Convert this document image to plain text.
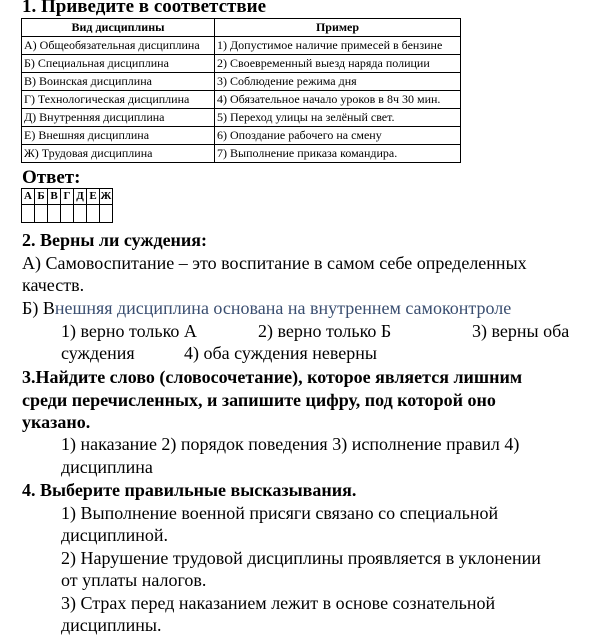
1. Приведите в соответствие
Вид дисциплины	Пример
А) Общеобязательная дисциплина	1) Допустимое наличие примесей в бензине
Б) Специальная дисциплина	2) Своевременный выезд наряда полиции
В) Воинская дисциплина	3) Соблюдение режима дня
Г) Технологическая дисциплина	4) Обязательное начало уроков в 8ч 30 мин.
Д) Внутренняя дисциплина	5) Переход улицы на зелёный свет.
Е) Внешняя дисциплина	6) Опоздание рабочего на смену
Ж) Трудовая дисциплина	7) Выполнение приказа командира.
Ответ:
А	Б	В	Г	Д	Е	Ж

2. Верны ли суждения:
А) Самовоспитание – это воспитание в самом себе определенных
качеств.
Б) Внешняя дисциплина основана на внутреннем самоконтроле
1) верно только А	2) верно только Б	3) верны оба
суждения	4) оба суждения неверны
3.Найдите слово (словосочетание), которое является лишним
среди перечисленных, и запишите цифру, под которой оно
указано.
1) наказание 2) порядок поведения 3) исполнение правил 4)
дисциплина
4. Выберите правильные высказывания.
1) Выполнение военной присяги связано со специальной
дисциплиной.
2) Нарушение трудовой дисциплины проявляется в уклонении
от уплаты налогов.
3) Страх перед наказанием лежит в основе сознательной
дисциплины.
